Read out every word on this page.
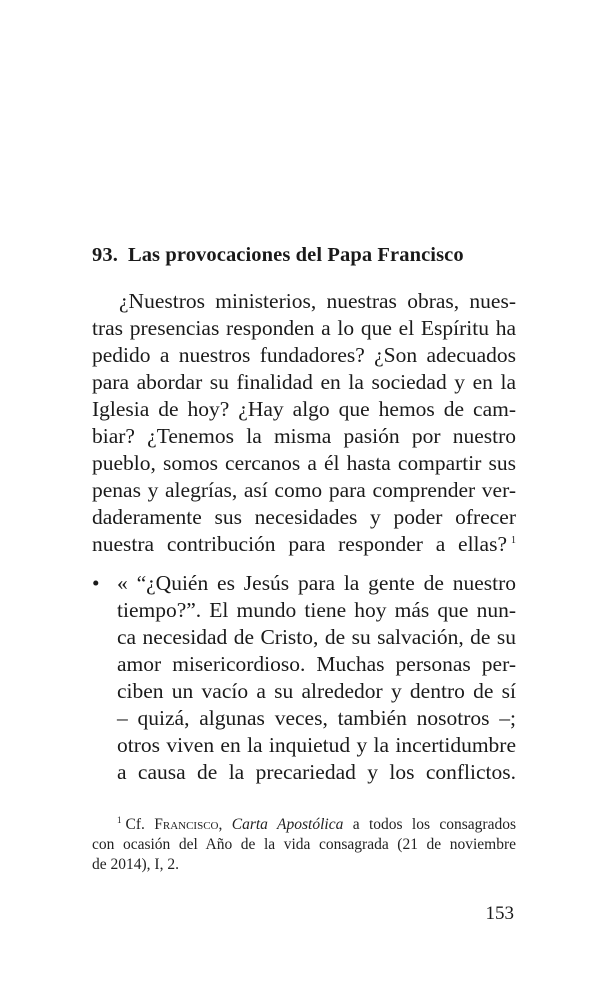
93. Las provocaciones del Papa Francisco
¿Nuestros ministerios, nuestras obras, nues-
tras presencias responden a lo que el Espíritu ha
pedido a nuestros fundadores? ¿Son adecuados
para abordar su finalidad en la sociedad y en la
Iglesia de hoy? ¿Hay algo que hemos de cam-
biar? ¿Tenemos la misma pasión por nuestro
pueblo, somos cercanos a él hasta compartir sus
penas y alegrías, así como para comprender ver-
daderamente sus necesidades y poder ofrecer
nuestra contribución para responder a ellas? $^1$
• « “¿Quién es Jesús para la gente de nuestro
tiempo?”. El mundo tiene hoy más que nun-
ca necesidad de Cristo, de su salvación, de su
amor misericordioso. Muchas personas per-
ciben un vacío a su alrededor y dentro de sí
– quizá, algunas veces, también nosotros –;
otros viven en la inquietud y la incertidumbre
a causa de la precariedad y los conflictos.
$^1$ Cf. Francisco, Carta Apostólica a todos los consagrados
con ocasión del Año de la vida consagrada (21 de noviembre
de 2014), I, 2.
153
